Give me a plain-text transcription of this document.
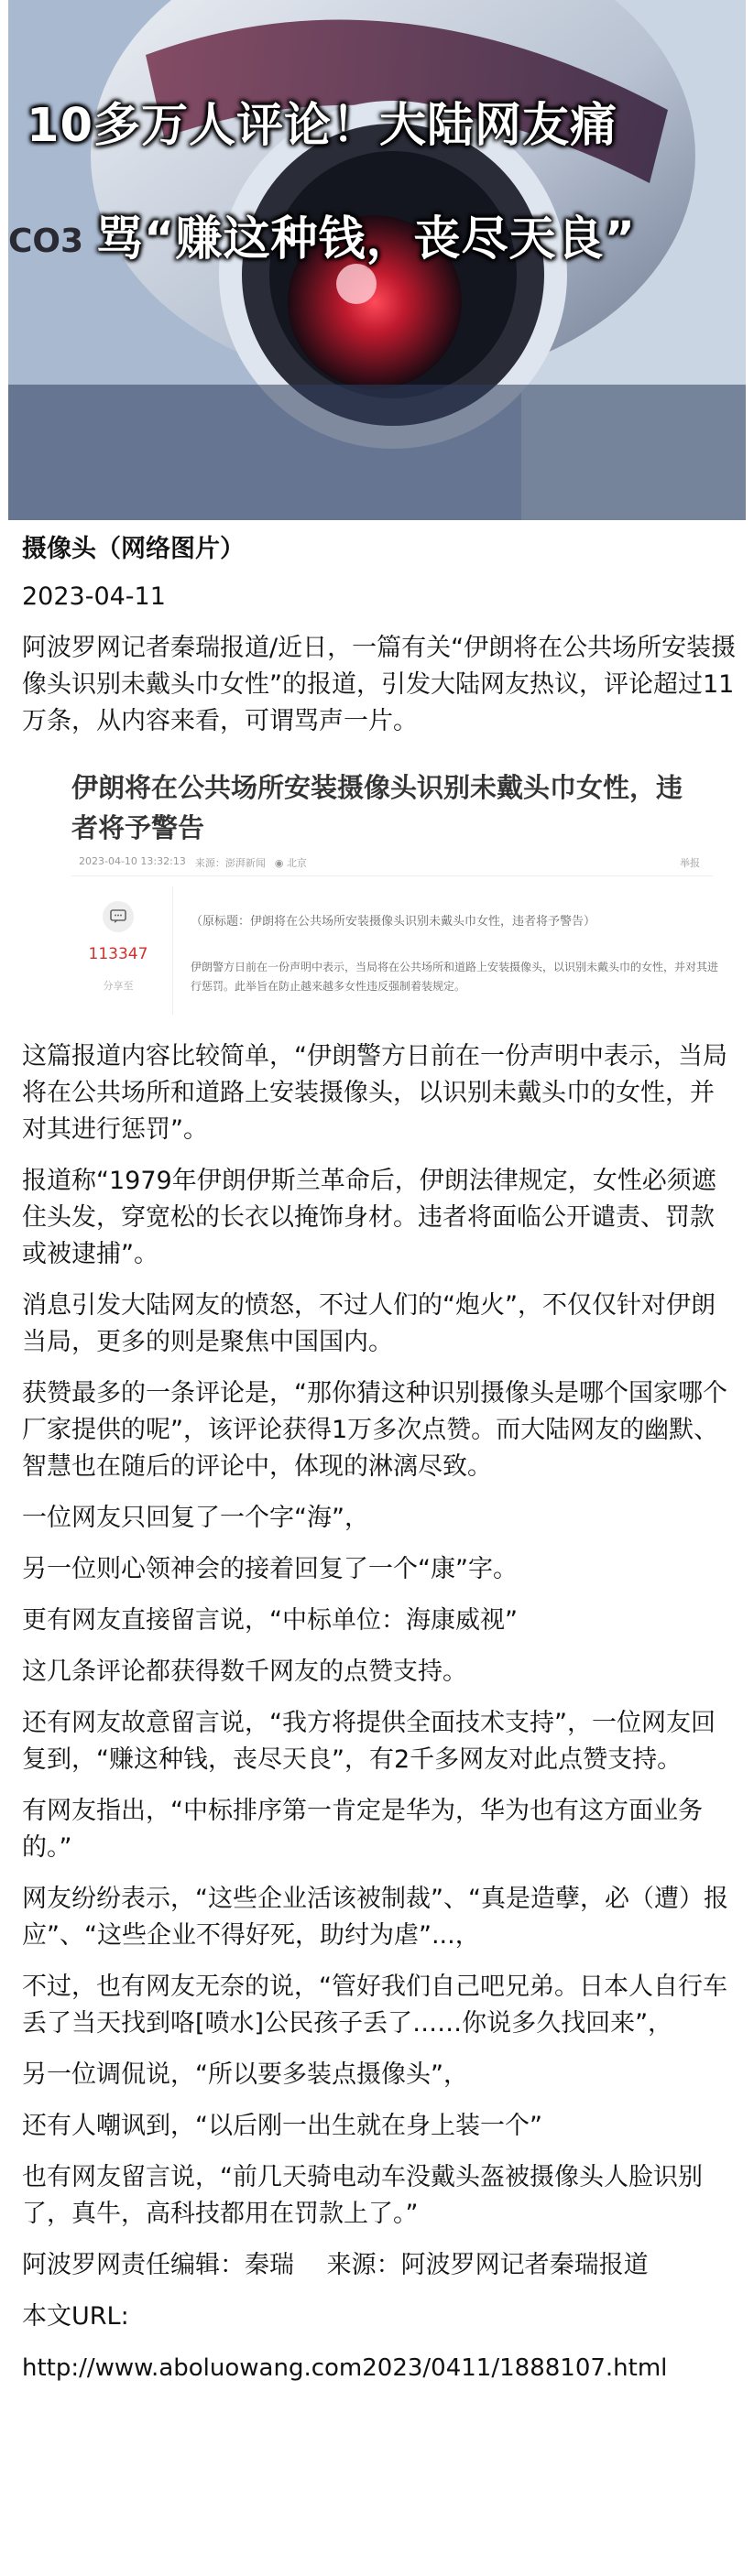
CO3
10多万人评论！大陆网友痛
骂“赚这种钱，丧尽天良”

摄像头（网络图片）

2023-04-11

阿波罗网记者秦瑞报道/近日，一篇有关“伊朗将在公共场所安装摄像头识别未戴头巾女性”的报道，引发大陆网友热议，评论超过11万条，从内容来看，可谓骂声一片。

伊朗将在公共场所安装摄像头识别未戴头巾女性，违者将予警告

2023-04-10 13:32:13 来源：澎湃新闻 ◉ 北京	举报
113347
分享至
（原标题：伊朗将在公共场所安装摄像头识别未戴头巾女性，违者将予警告）
伊朗警方日前在一份声明中表示，当局将在公共场所和道路上安装摄像头，以识别未戴头巾的女性，并对其进行惩罚。此举旨在防止越来越多女性违反强制着装规定。

这篇报道内容比较简单，“伊朗警方日前在一份声明中表示，当局将在公共场所和道路上安装摄像头，以识别未戴头巾的女性，并对其进行惩罚”。

报道称“1979年伊朗伊斯兰革命后，伊朗法律规定，女性必须遮住头发，穿宽松的长衣以掩饰身材。违者将面临公开谴责、罚款或被逮捕”。

消息引发大陆网友的愤怒，不过人们的“炮火”，不仅仅针对伊朗当局，更多的则是聚焦中国国内。

获赞最多的一条评论是，“那你猜这种识别摄像头是哪个国家哪个厂家提供的呢”，该评论获得1万多次点赞。而大陆网友的幽默、智慧也在随后的评论中，体现的淋漓尽致。

一位网友只回复了一个字“海”，

另一位则心领神会的接着回复了一个“康”字。

更有网友直接留言说，“中标单位：海康威视”

这几条评论都获得数千网友的点赞支持。

还有网友故意留言说，“我方将提供全面技术支持”，一位网友回复到，“赚这种钱，丧尽天良”，有2千多网友对此点赞支持。

有网友指出，“中标排序第一肯定是华为，华为也有这方面业务的。”

网友纷纷表示，“这些企业活该被制裁”、“真是造孽，必（遭）报应”、“这些企业不得好死，助纣为虐”...，

不过，也有网友无奈的说，“管好我们自己吧兄弟。日本人自行车丢了当天找到咯[喷水]公民孩子丢了……你说多久找回来”，

另一位调侃说，“所以要多装点摄像头”，

还有人嘲讽到，“以后刚一出生就在身上装一个”

也有网友留言说，“前几天骑电动车没戴头盔被摄像头人脸识别了，真牛，高科技都用在罚款上了。”

阿波罗网责任编辑：秦瑞　 来源：阿波罗网记者秦瑞报道

本文URL:

http://www.aboluowang.com2023/0411/1888107.html
